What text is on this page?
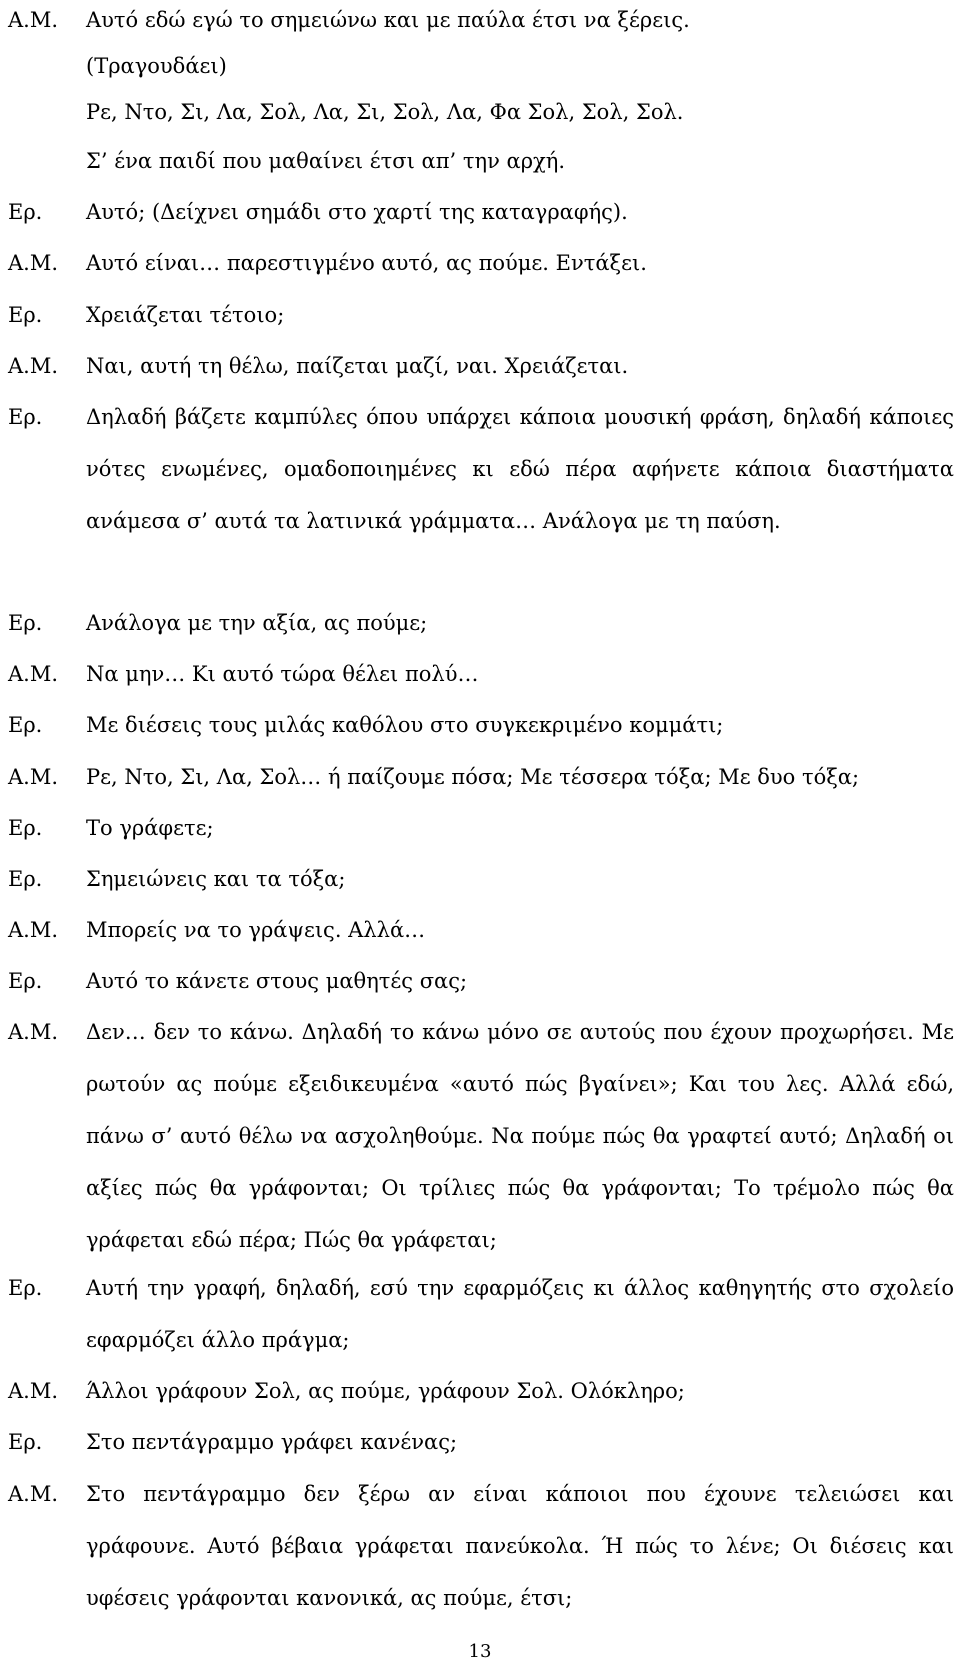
Α.Μ.	Αυτό εδώ εγώ το σημειώνω και με παύλα έτσι να ξέρεις.
(Τραγουδάει)
Ρε, Ντο, Σι, Λα, Σολ, Λα, Σι, Σολ, Λα, Φα Σολ, Σολ, Σολ.
Σ’ ένα παιδί που μαθαίνει έτσι απ’ την αρχή.
Ερ.	Αυτό; (Δείχνει σημάδι στο χαρτί της καταγραφής).
Α.Μ.	Αυτό είναι… παρεστιγμένο αυτό, ας πούμε. Εντάξει.
Ερ.	Χρειάζεται τέτοιο;
Α.Μ.	Ναι, αυτή τη θέλω, παίζεται μαζί, ναι. Χρειάζεται.
Ερ.	Δηλαδή βάζετε καμπύλες όπου υπάρχει κάποια μουσική φράση, δηλαδή κάποιες νότες ενωμένες, ομαδοποιημένες κι εδώ πέρα αφήνετε κάποια διαστήματα ανάμεσα σ’ αυτά τα λατινικά γράμματα… Ανάλογα με τη παύση.
Ερ.	Ανάλογα με την αξία, ας πούμε;
Α.Μ.	Να μην… Κι αυτό τώρα θέλει πολύ…
Ερ.	Με διέσεις τους μιλάς καθόλου στο συγκεκριμένο κομμάτι;
Α.Μ.	Ρε, Ντο, Σι, Λα, Σολ… ή παίζουμε πόσα; Με τέσσερα τόξα; Με δυο τόξα;
Ερ.	Το γράφετε;
Ερ.	Σημειώνεις και τα τόξα;
Α.Μ.	Μπορείς να το γράψεις. Αλλά…
Ερ.	Αυτό το κάνετε στους μαθητές σας;
Α.Μ.	Δεν… δεν το κάνω. Δηλαδή το κάνω μόνο σε αυτούς που έχουν προχωρήσει. Με ρωτούν ας πούμε εξειδικευμένα «αυτό πώς βγαίνει»; Και του λες. Αλλά εδώ, πάνω σ’ αυτό θέλω να ασχοληθούμε. Να πούμε πώς θα γραφτεί αυτό; Δηλαδή οι αξίες πώς θα γράφονται; Οι τρίλιες πώς θα γράφονται; Το τρέμολο πώς θα γράφεται εδώ πέρα; Πώς θα γράφεται;
Ερ.	Αυτή την γραφή, δηλαδή, εσύ την εφαρμόζεις κι άλλος καθηγητής στο σχολείο εφαρμόζει άλλο πράγμα;
Α.Μ.	Άλλοι γράφουν Σολ, ας πούμε, γράφουν Σολ. Ολόκληρο;
Ερ.	Στο πεντάγραμμο γράφει κανένας;
Α.Μ.	Στο πεντάγραμμο δεν ξέρω αν είναι κάποιοι που έχουνε τελειώσει και γράφουνε. Αυτό βέβαια γράφεται πανεύκολα. Ή πώς το λένε; Οι διέσεις και υφέσεις γράφονται κανονικά, ας πούμε, έτσι;
13
